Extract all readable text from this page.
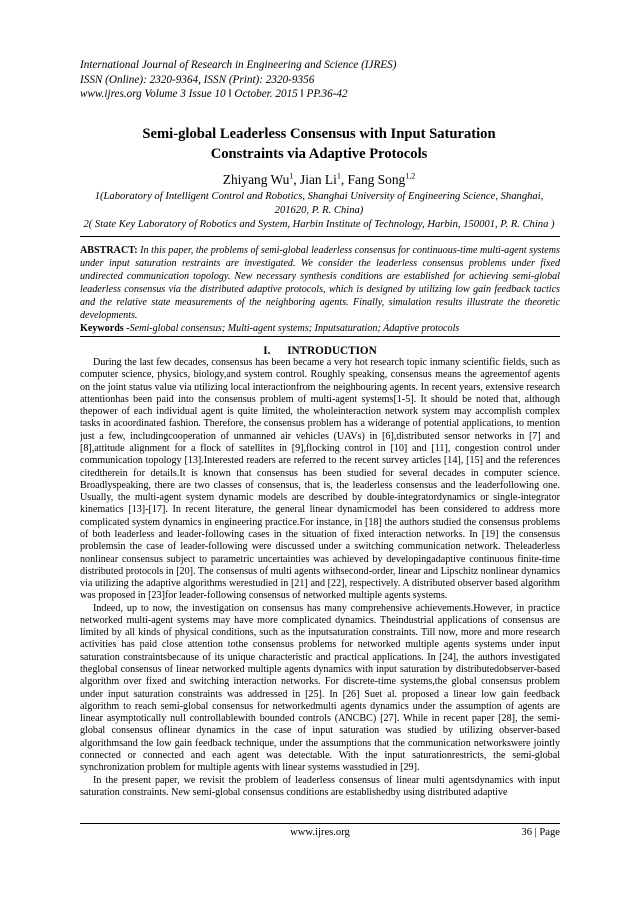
International Journal of Research in Engineering and Science (IJRES)
ISSN (Online): 2320-9364, ISSN (Print): 2320-9356
www.ijres.org Volume 3 Issue 10 ǁ October. 2015 ǁ PP.36-42
Semi-global Leaderless Consensus with Input Saturation
Constraints via Adaptive Protocols
Zhiyang Wu$^1$, Jian Li$^1$, Fang Song$^{1,2}$
1(Laboratory of Intelligent Control and Robotics, Shanghai University of Engineering Science, Shanghai,
201620, P. R. China)
2( State Key Laboratory of Robotics and System, Harbin Institute of Technology, Harbin, 150001, P. R. China )
ABSTRACT: In this paper, the problems of semi-global leaderless consensus for continuous-time multi-agent systems under input saturation restraints are investigated. We consider the leaderless consensus problems under fixed undirected communication topology. New necessary synthesis conditions are established for achieving semi-global leaderless consensus via the distributed adaptive protocols, which is designed by utilizing low gain feedback tactics and the relative state measurements of the neighboring agents. Finally, simulation results illustrate the theoretic developments.
Keywords -Semi-global consensus; Multi-agent systems; Inputsaturation; Adaptive protocols
I.      INTRODUCTION

During the last few decades, consensus has been became a very hot research topic inmany scientific fields, such as computer science, physics, biology,and system control. Roughly speaking, consensus means the agreementof agents on the joint status value via utilizing local interactionfrom the neighbouring agents. In recent years, extensive research attentionhas been paid into the consensus problem of multi-agent systems[1-5]. It should be noted that, although thepower of each individual agent is quite limited, the wholeinteraction network system may accomplish complex tasks in acoordinated fashion. Therefore, the consensus problem has a widerange of potential applications, to mention just a few, includingcooperation of unmanned air vehicles (UAVs) in [6],distributed sensor networks in [7] and [8],attitude alignment for a flock of satellites in [9],flocking control in [10] and [11], congestion control under communication topology [13].Interested readers are referred to the recent survey articles [14], [15] and the references citedtherein for details.It is known that consensus has been studied for several decades in computer science. Broadlyspeaking, there are two classes of consensus, that is, the leaderless consensus and the leaderfollowing one. Usually, the multi-agent system dynamic models are described by double-integratordynamics or single-integrator kinematics [13]-[17]. In recent literature, the general linear dynamicmodel has been considered to address more complicated system dynamics in engineering practice.For instance, in [18] the authors studied the consensus problems of both leaderless and leader-following cases in the situation of fixed interaction networks. In [19] the consensus problemsin the case of leader-following were discussed under a switching communication network. Theleaderless nonlinear consensus subject to parametric uncertainties was achieved by developingadaptive continuous finite-time distributed protocols in [20]. The consensus of multi agents withsecond-order, linear and Lipschitz nonlinear dynamics via utilizing the adaptive algorithms werestudied in [21] and [22], respectively. A distributed observer based algorithm was proposed in [23]for leader-following consensus of networked multiple agents systems.

Indeed, up to now, the investigation on consensus has many comprehensive achievements.However, in practice networked multi-agent systems may have more complicated dynamics. Theindustrial applications of consensus are limited by all kinds of physical conditions, such as the inputsaturation constraints. Till now, more and more research activities has paid close attention tothe consensus problems for networked multiple agents systems under input saturation constraintsbecause of its unique characteristic and practical applications. In [24], the authors investigated theglobal consensus of linear networked multiple agents dynamics with input saturation by distributedobserver-based algorithm over fixed and switching interaction networks. For discrete-time systems,the global consensus problem under input saturation constraints was addressed in [25]. In [26] Suet al. proposed a linear low gain feedback algorithm to reach semi-global consensus for networkedmulti agents dynamics under the assumption of agents are linear asymptotically null controllablewith bounded controls (ANCBC) [27]. While in recent paper [28], the semi-global consensus oflinear dynamics in the case of input saturation was studied by utilizing observer-based algorithmsand the low gain feedback technique, under the assumptions that the communication networkswere jointly connected or connected and each agent was detectable. With the input saturationrestricts, the semi-global synchronization problem for multiple agents with linear systems wasstudied in [29].

In the present paper, we revisit the problem of leaderless consensus of linear multi agentsdynamics with input saturation constraints. New semi-global consensus conditions are establishedby using distributed adaptive

www.ijres.org	36 | Page
